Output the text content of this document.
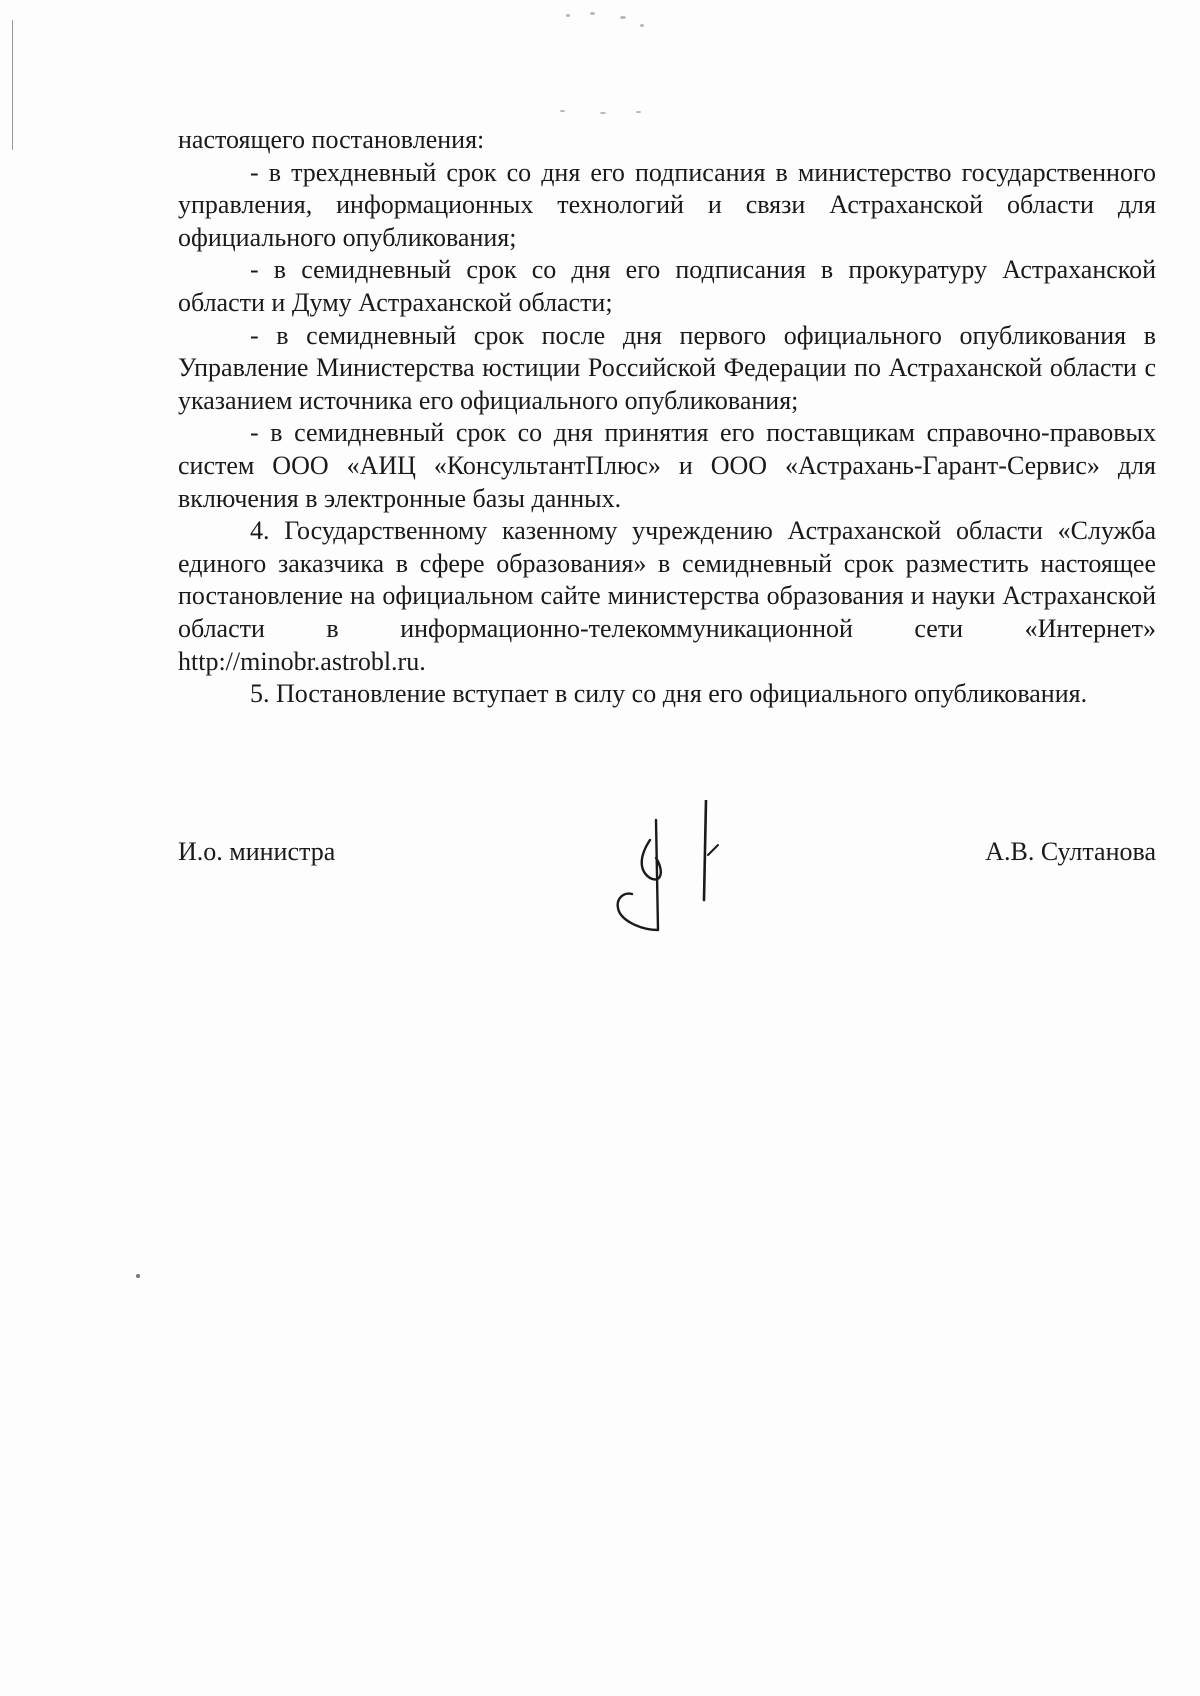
настоящего постановления:

- в трехдневный срок со дня его подписания в министерство государственного управления, информационных технологий и связи Астраханской области для официального опубликования;

- в семидневный срок со дня его подписания в прокуратуру Астраханской области и Думу Астраханской области;

- в семидневный срок после дня первого официального опубликования в Управление Министерства юстиции Российской Федерации по Астраханской области с указанием источника его официального опубликования;

- в семидневный срок со дня принятия его поставщикам справочно-правовых систем ООО «АИЦ «КонсультантПлюс» и ООО «Астрахань-Гарант-Сервис» для включения в электронные базы данных.

4. Государственному казенному учреждению Астраханской области «Служба единого заказчика в сфере образования» в семидневный срок разместить настоящее постановление на официальном сайте министерства образования и науки Астраханской области в информационно-телекоммуникационной сети «Интернет» http://minobr.astrobl.ru.

5. Постановление вступает в силу со дня его официального опубликования.

И.о. министра	А.В. Султанова
